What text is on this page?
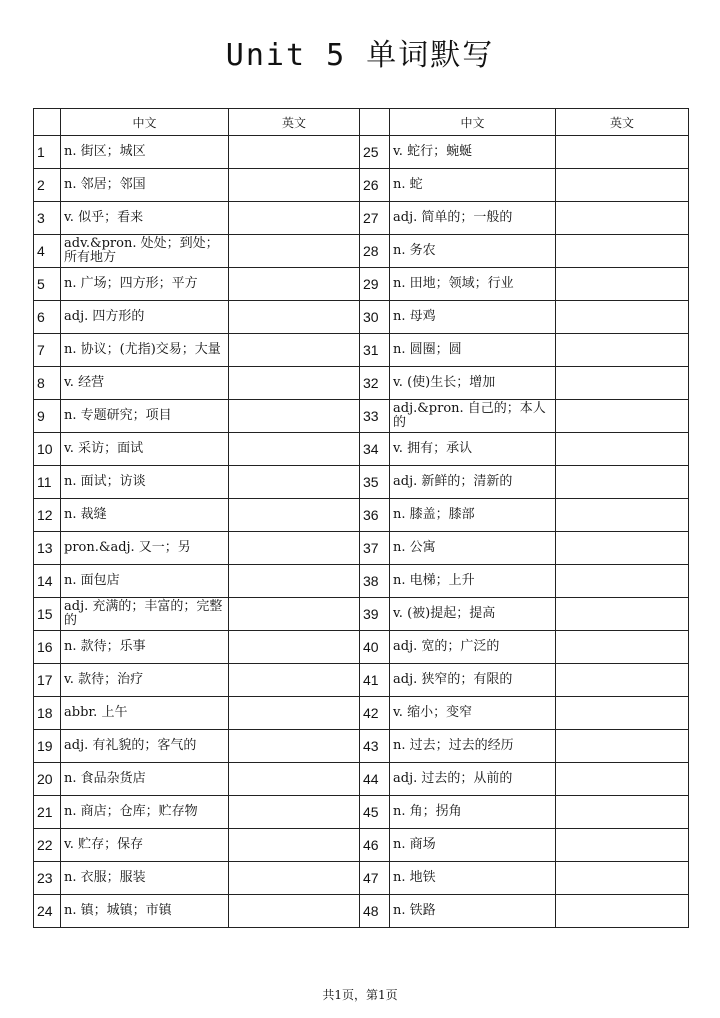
Unit 5 单词默写
	中文	英文		中文	英文
1	n. 街区；城区		25	v. 蛇行；蜿蜒	
2	n. 邻居；邻国		26	n. 蛇	
3	v. 似乎；看来		27	adj. 简单的；一般的	
4	adv.&pron. 处处；到处；所有地方		28	n. 务农	
5	n. 广场；四方形；平方		29	n. 田地；领域；行业	
6	adj. 四方形的		30	n. 母鸡	
7	n. 协议；(尤指)交易；大量		31	n. 圆圈；圆	
8	v. 经营		32	v. (使)生长；增加	
9	n. 专题研究；项目		33	adj.&pron. 自己的；本人的	
10	v. 采访；面试		34	v. 拥有；承认	
11	n. 面试；访谈		35	adj. 新鲜的；清新的	
12	n. 裁缝		36	n. 膝盖；膝部	
13	pron.&adj. 又一；另		37	n. 公寓	
14	n. 面包店		38	n. 电梯；上升	
15	adj. 充满的；丰富的；完整的		39	v. (被)提起；提高	
16	n. 款待；乐事		40	adj. 宽的；广泛的	
17	v. 款待；治疗		41	adj. 狭窄的；有限的	
18	abbr. 上午		42	v. 缩小；变窄	
19	adj. 有礼貌的；客气的		43	n. 过去；过去的经历	
20	n. 食品杂货店		44	adj. 过去的；从前的	
21	n. 商店；仓库；贮存物		45	n. 角；拐角	
22	v. 贮存；保存		46	n. 商场	
23	n. 衣服；服装		47	n. 地铁	
24	n. 镇；城镇；市镇		48	n. 铁路	
共1页，第1页
